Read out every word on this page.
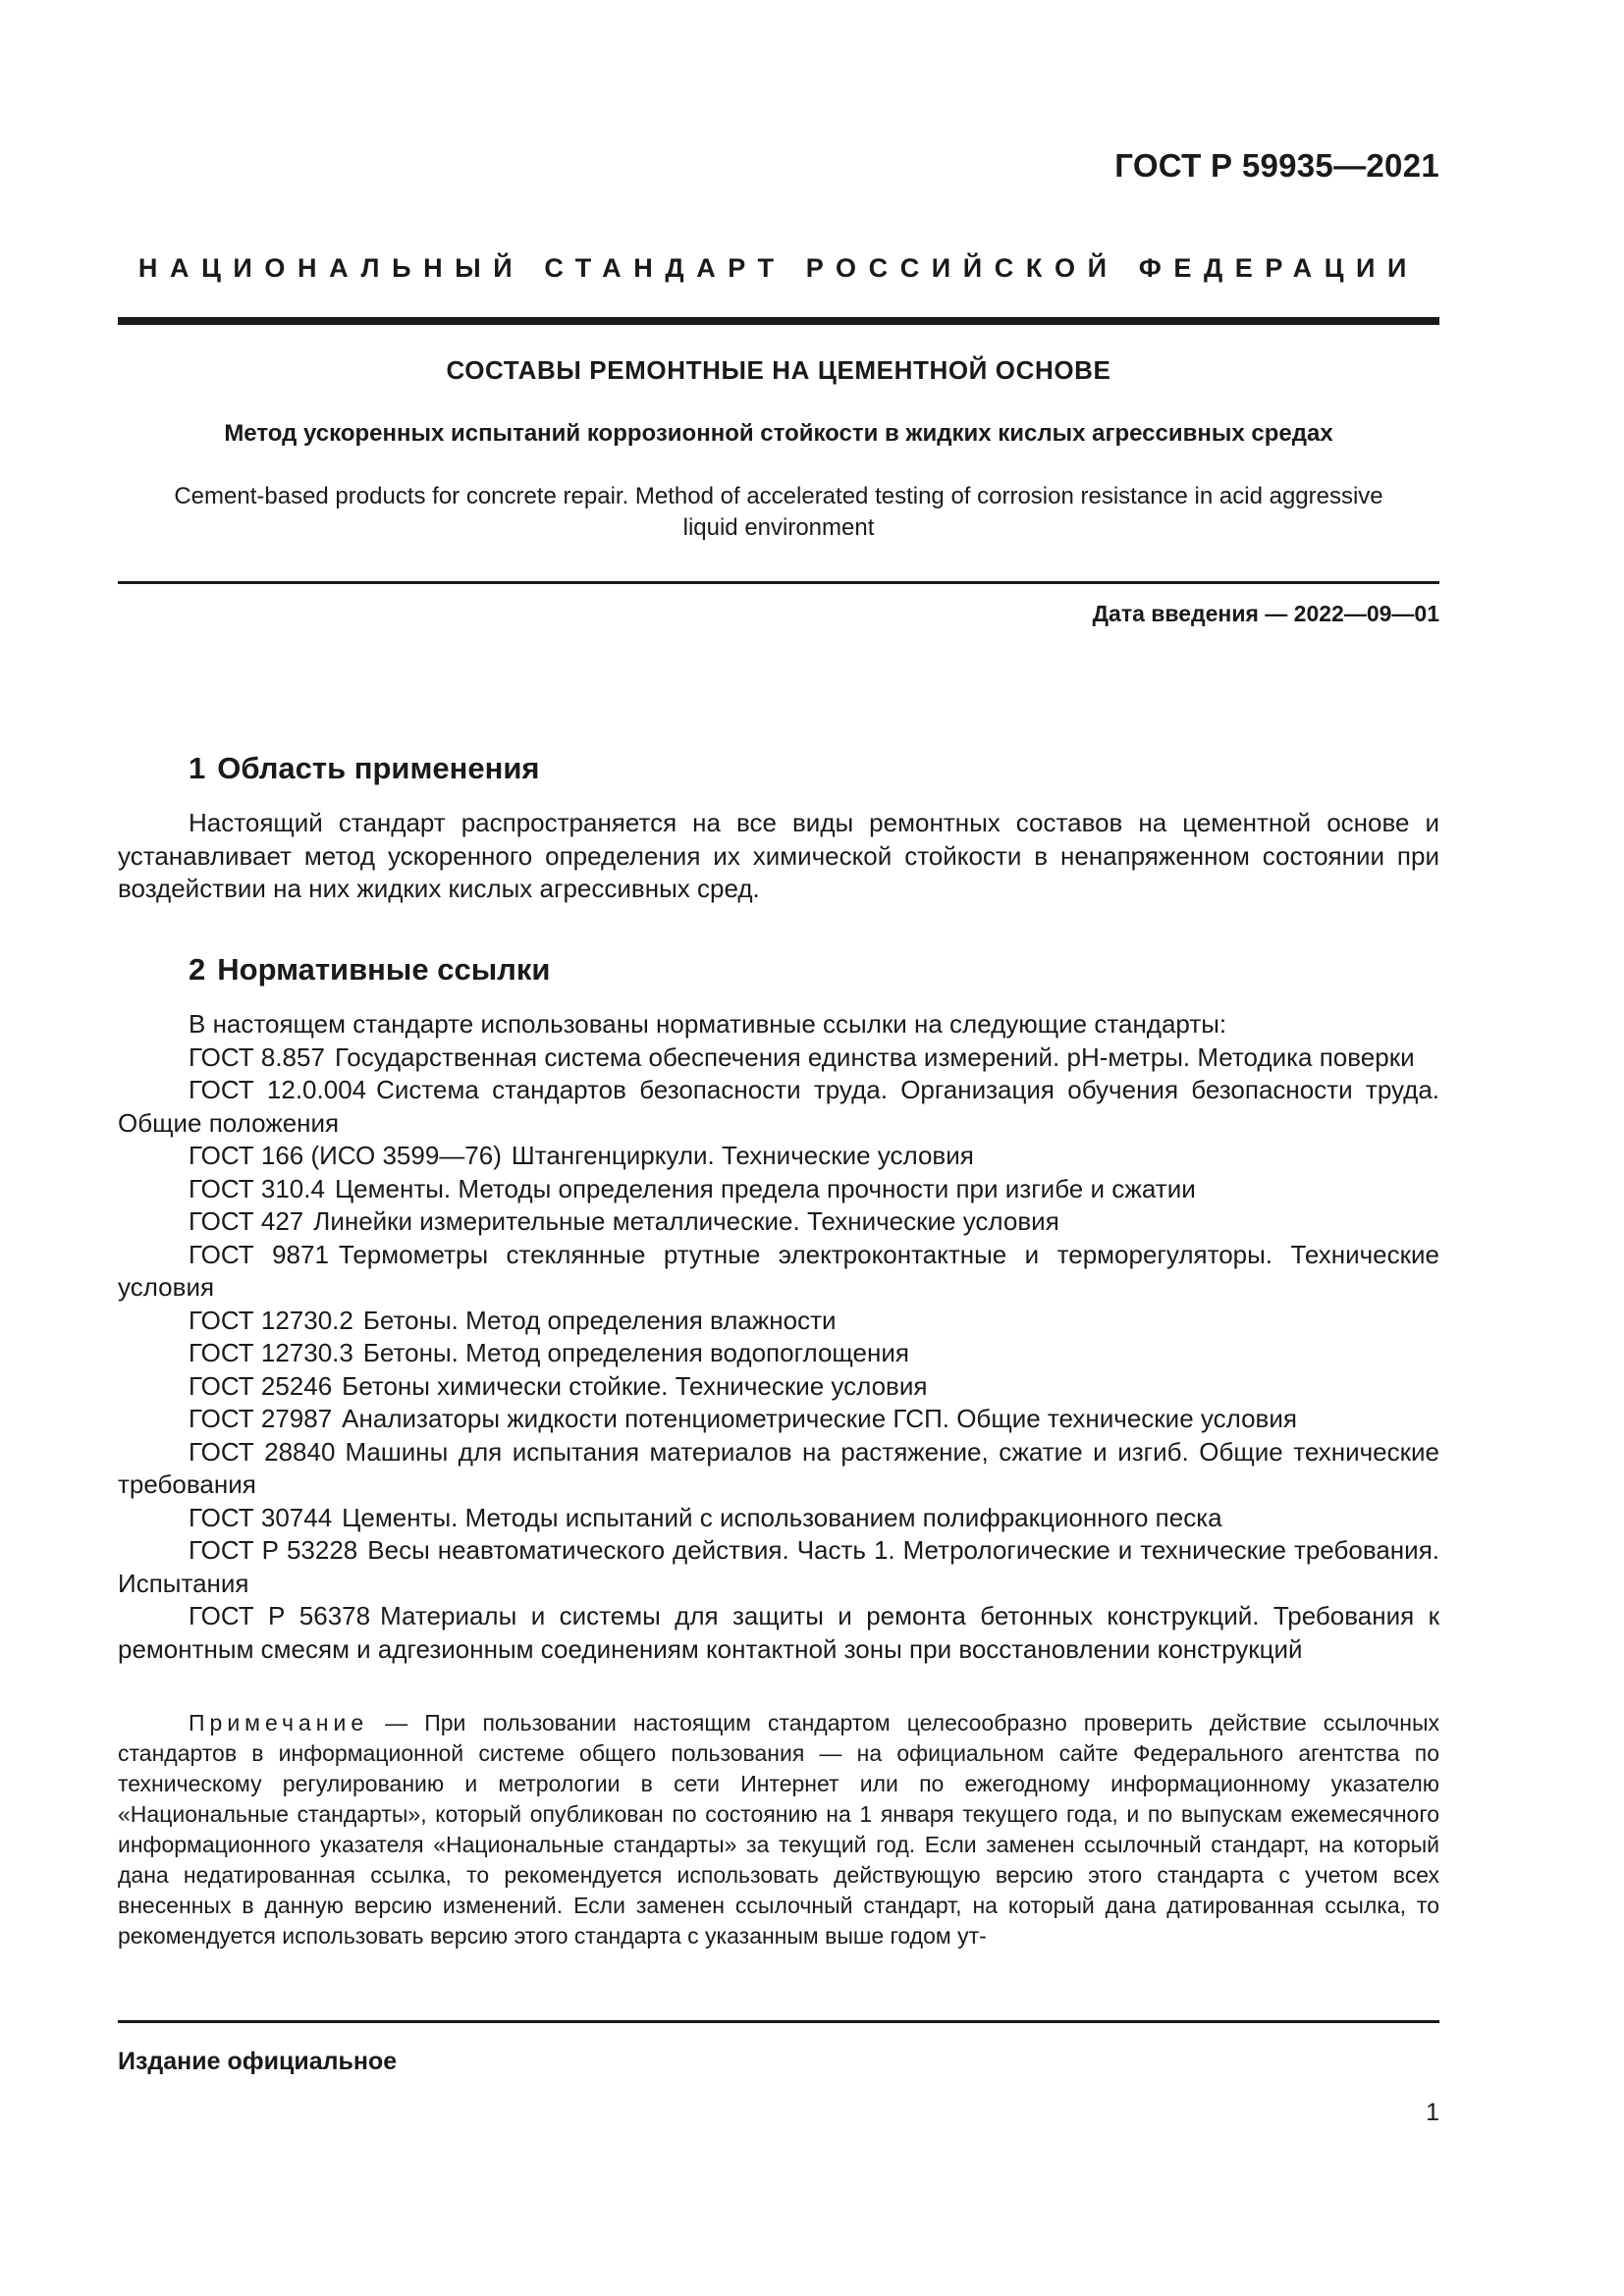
ГОСТ Р 59935—2021
НАЦИОНАЛЬНЫЙ СТАНДАРТ РОССИЙСКОЙ ФЕДЕРАЦИИ
СОСТАВЫ РЕМОНТНЫЕ НА ЦЕМЕНТНОЙ ОСНОВЕ
Метод ускоренных испытаний коррозионной стойкости в жидких кислых агрессивных средах
Cement-based products for concrete repair. Method of accelerated testing of corrosion resistance in acid aggressive
liquid environment
Дата введения — 2022—09—01
1 Область применения

Настоящий стандарт распространяется на все виды ремонтных составов на цементной основе и устанавливает метод ускоренного определения их химической стойкости в ненапряженном состоянии при воздействии на них жидких кислых агрессивных сред.

2 Нормативные ссылки

В настоящем стандарте использованы нормативные ссылки на следующие стандарты:

ГОСТ 8.857 Государственная система обеспечения единства измерений. pH-метры. Методика поверки
ГОСТ 12.0.004 Система стандартов безопасности труда. Организация обучения безопасности труда. Общие положения
ГОСТ 166 (ИСО 3599—76) Штангенциркули. Технические условия
ГОСТ 310.4 Цементы. Методы определения предела прочности при изгибе и сжатии
ГОСТ 427 Линейки измерительные металлические. Технические условия
ГОСТ 9871 Термометры стеклянные ртутные электроконтактные и терморегуляторы. Технические условия
ГОСТ 12730.2 Бетоны. Метод определения влажности
ГОСТ 12730.3 Бетоны. Метод определения водопоглощения
ГОСТ 25246 Бетоны химически стойкие. Технические условия
ГОСТ 27987 Анализаторы жидкости потенциометрические ГСП. Общие технические условия
ГОСТ 28840 Машины для испытания материалов на растяжение, сжатие и изгиб. Общие технические требования
ГОСТ 30744 Цементы. Методы испытаний с использованием полифракционного песка
ГОСТ Р 53228 Весы неавтоматического действия. Часть 1. Метрологические и технические требования. Испытания
ГОСТ Р 56378 Материалы и системы для защиты и ремонта бетонных конструкций. Требования к ремонтным смесям и адгезионным соединениям контактной зоны при восстановлении конструкций
Примечание — При пользовании настоящим стандартом целесообразно проверить действие ссылочных стандартов в информационной системе общего пользования — на официальном сайте Федерального агентства по техническому регулированию и метрологии в сети Интернет или по ежегодному информационному указателю «Национальные стандарты», который опубликован по состоянию на 1 января текущего года, и по выпускам ежемесячного информационного указателя «Национальные стандарты» за текущий год. Если заменен ссылочный стандарт, на который дана недатированная ссылка, то рекомендуется использовать действующую версию этого стандарта с учетом всех внесенных в данную версию изменений. Если заменен ссылочный стандарт, на который дана датированная ссылка, то рекомендуется использовать версию этого стандарта с указанным выше годом ут-
Издание официальное
1
